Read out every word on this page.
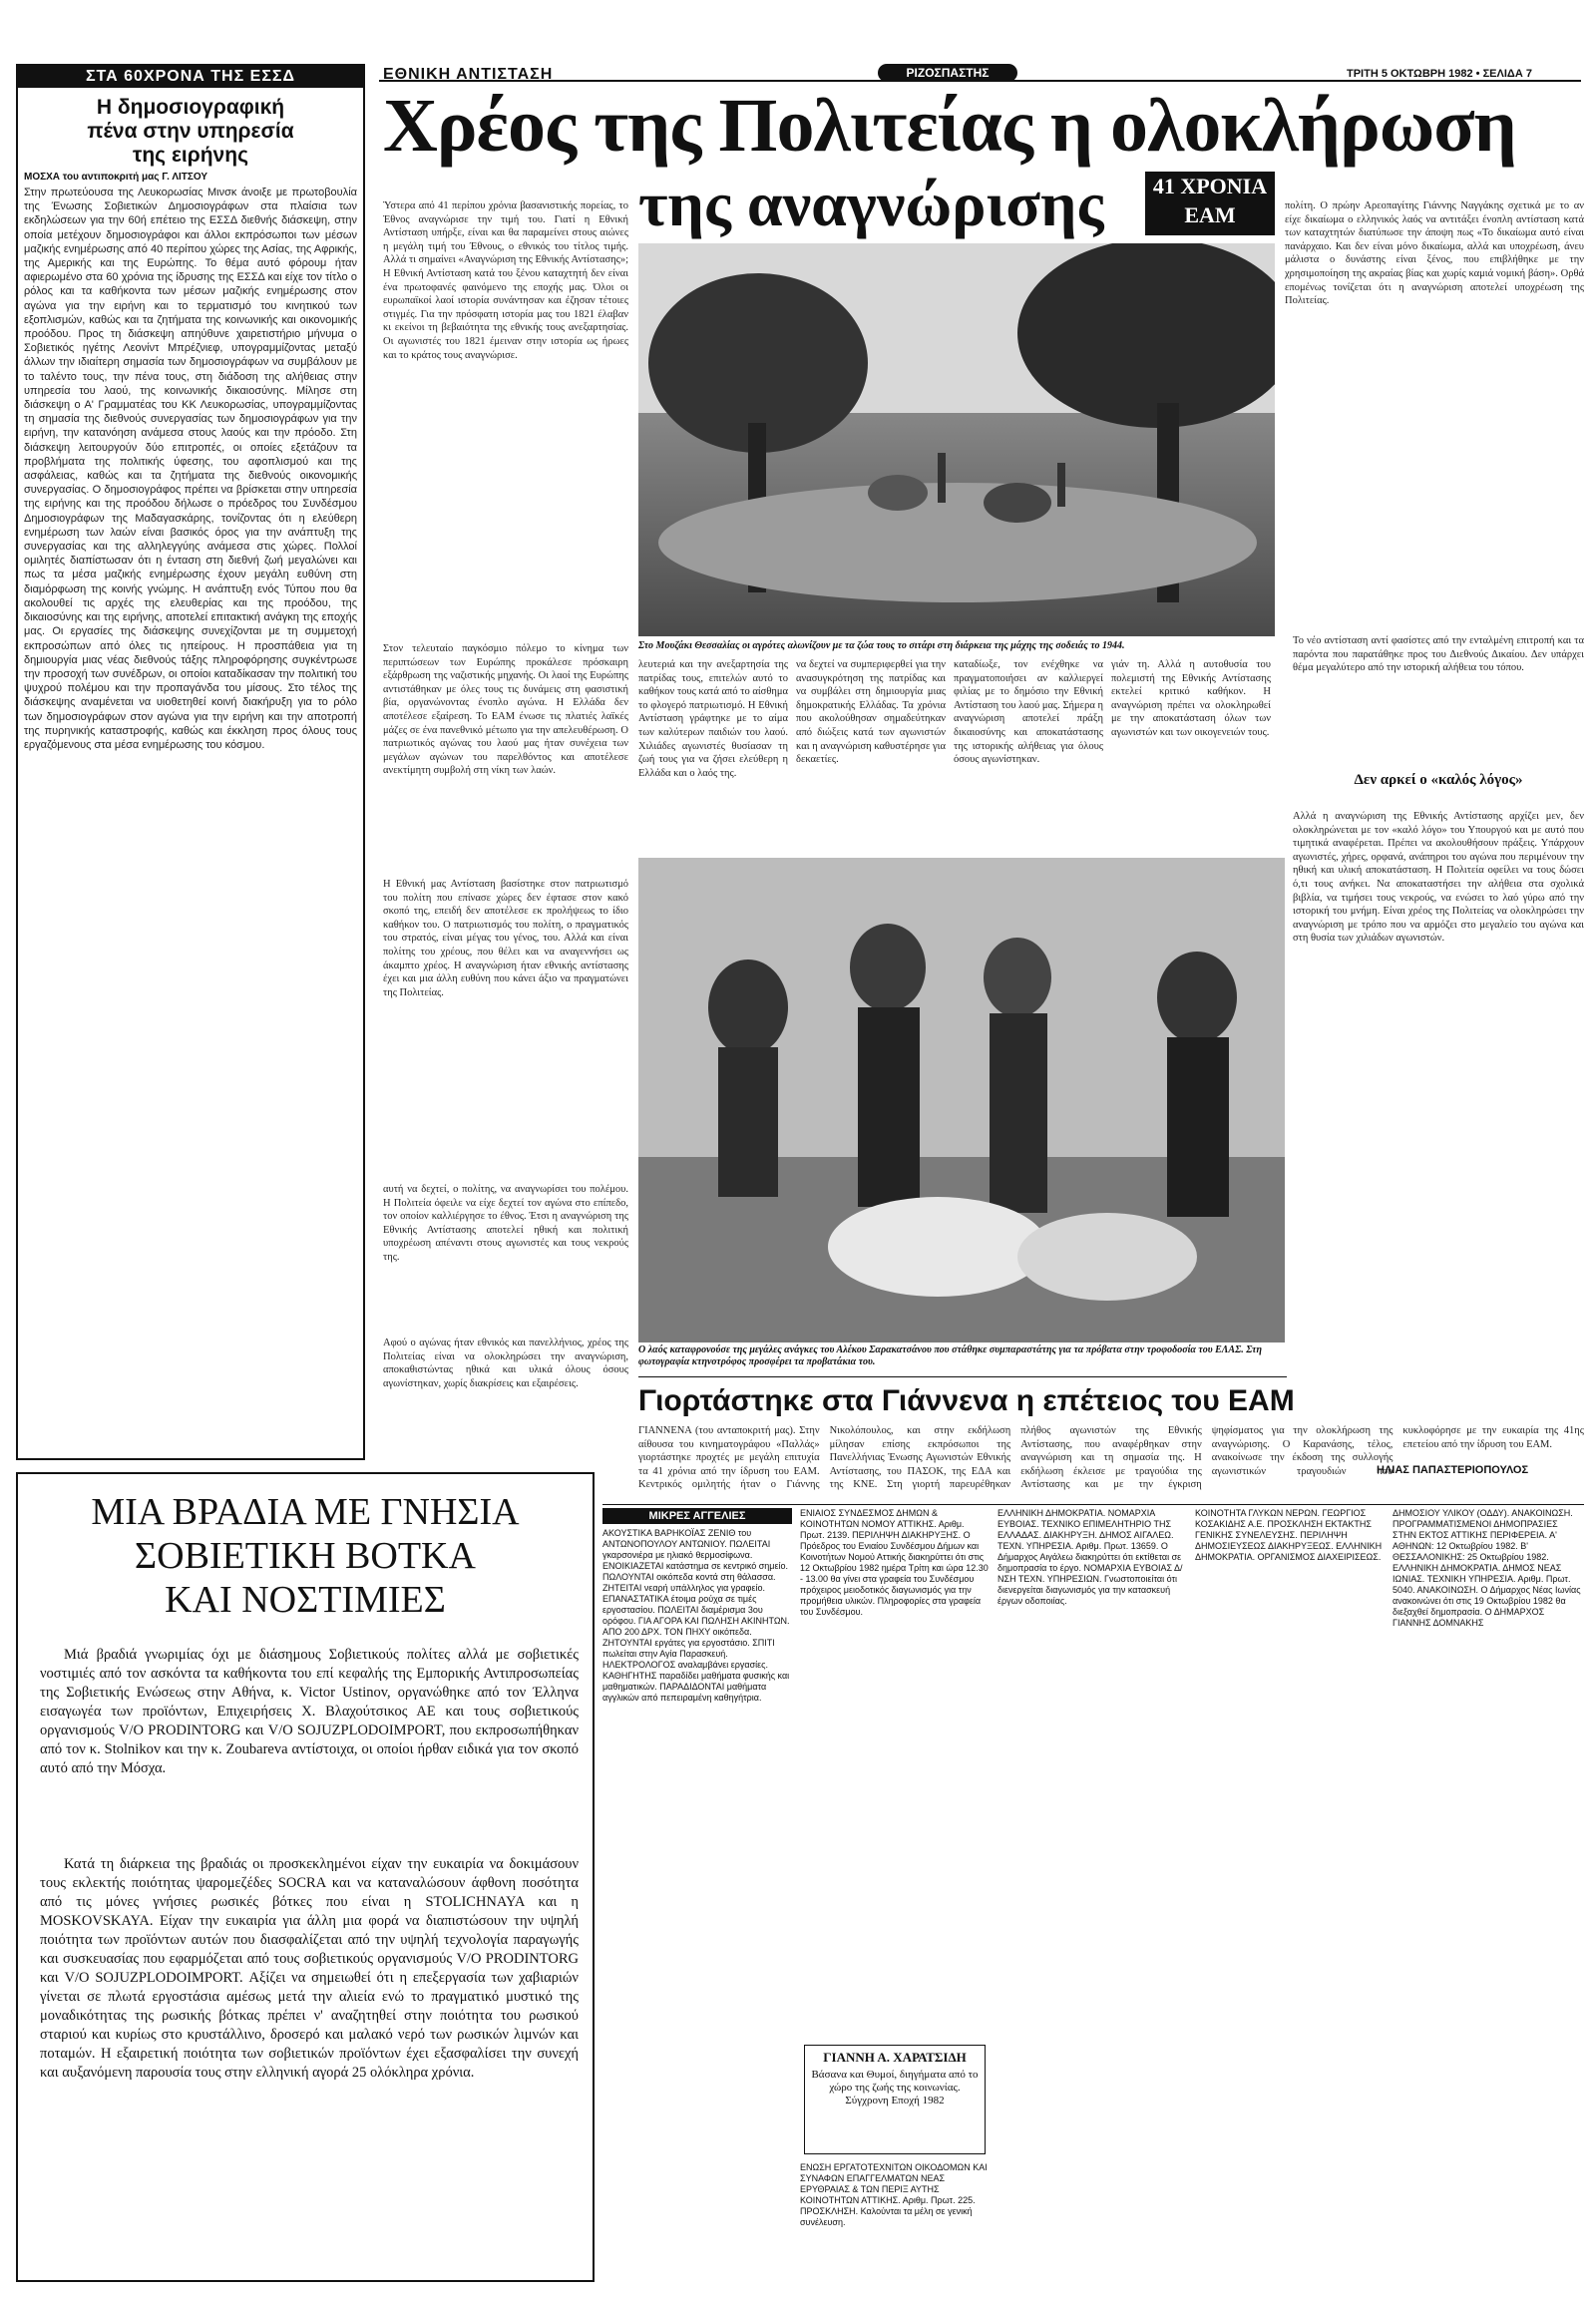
ΕΘΝΙΚΗ ΑΝΤΙΣΤΑΣΗ	ΡΙΖΟΣΠΑΣΤΗΣ	ΤΡΙΤΗ 5 ΟΚΤΩΒΡΗ 1982 • ΣΕΛΙΔΑ 7
ΣΤΑ 60ΧΡΟΝΑ ΤΗΣ ΕΣΣΔ
Η δημοσιογραφική
πένα στην υπηρεσία
της ειρήνης
ΜΟΣΧΑ του αντιποκριτή μας Γ. ΛΙΤΣΟΥ
Στην πρωτεύουσα της Λευκορωσίας Μινσκ άνοιξε με πρωτοβουλία της Ένωσης Σοβιετικών Δημοσιογράφων στα πλαίσια των εκδηλώσεων για την 60ή επέτειο της ΕΣΣΔ διεθνής διάσκεψη, στην οποία μετέχουν δημοσιογράφοι και άλλοι εκπρόσωποι των μέσων μαζικής ενημέρωσης από 40 περίπου χώρες της Ασίας, της Αφρικής, της Αμερικής και της Ευρώπης. Το θέμα αυτό φόρουμ ήταν αφιερωμένο στα 60 χρόνια της ίδρυσης της ΕΣΣΔ και είχε τον τίτλο ο ρόλος και τα καθήκοντα των μέσων μαζικής ενημέρωσης στον αγώνα για την ειρήνη και το τερματισμό του κινητικού των εξοπλισμών, καθώς και τα ζητήματα της κοινωνικής και οικονομικής προόδου. Προς τη διάσκεψη απηύθυνε χαιρετιστήριο μήνυμα ο Σοβιετικός ηγέτης Λεονίντ Μπρέζνιεφ, υπογραμμίζοντας μεταξύ άλλων την ιδιαίτερη σημασία των δημοσιογράφων να συμβάλουν με το ταλέντο τους, την πένα τους, στη διάδοση της αλήθειας στην υπηρεσία του λαού, της κοινωνικής δικαιοσύνης. Μίλησε στη διάσκεψη ο Α' Γραμματέας του ΚΚ Λευκορωσίας, υπογραμμίζοντας τη σημασία της διεθνούς συνεργασίας των δημοσιογράφων για την ειρήνη, την κατανόηση ανάμεσα στους λαούς και την πρόοδο. Στη διάσκεψη λειτουργούν δύο επιτροπές, οι οποίες εξετάζουν τα προβλήματα της πολιτικής ύφεσης, του αφοπλισμού και της ασφάλειας, καθώς και τα ζητήματα της διεθνούς οικονομικής συνεργασίας. Ο δημοσιογράφος πρέπει να βρίσκεται στην υπηρεσία της ειρήνης και της προόδου δήλωσε ο πρόεδρος του Συνδέσμου Δημοσιογράφων της Μαδαγασκάρης, τονίζοντας ότι η ελεύθερη ενημέρωση των λαών είναι βασικός όρος για την ανάπτυξη της συνεργασίας και της αλληλεγγύης ανάμεσα στις χώρες. Πολλοί ομιλητές διαπίστωσαν ότι η ένταση στη διεθνή ζωή μεγαλώνει και πως τα μέσα μαζικής ενημέρωσης έχουν μεγάλη ευθύνη στη διαμόρφωση της κοινής γνώμης. Η ανάπτυξη ενός Τύπου που θα ακολουθεί τις αρχές της ελευθερίας και της προόδου, της δικαιοσύνης και της ειρήνης, αποτελεί επιτακτική ανάγκη της εποχής μας. Οι εργασίες της διάσκεψης συνεχίζονται με τη συμμετοχή εκπροσώπων από όλες τις ηπείρους. Η προσπάθεια για τη δημιουργία μιας νέας διεθνούς τάξης πληροφόρησης συγκέντρωσε την προσοχή των συνέδρων, οι οποίοι καταδίκασαν την πολιτική του ψυχρού πολέμου και την προπαγάνδα του μίσους. Στο τέλος της διάσκεψης αναμένεται να υιοθετηθεί κοινή διακήρυξη για το ρόλο των δημοσιογράφων στον αγώνα για την ειρήνη και την αποτροπή της πυρηνικής καταστροφής, καθώς και έκκληση προς όλους τους εργαζόμενους στα μέσα ενημέρωσης του κόσμου.
Χρέος της Πολιτείας η ολοκλήρωση
της αναγνώρισης	41 ΧΡΟΝΙΑ
ΕΑΜ
Ύστερα από 41 περίπου χρόνια βασανιστικής πορείας, το Έθνος αναγνώρισε την τιμή του. Γιατί η Εθνική Αντίσταση υπήρξε, είναι και θα παραμείνει στους αιώνες η μεγάλη τιμή του Έθνους, ο εθνικός του τίτλος τιμής. Αλλά τι σημαίνει «Αναγνώριση της Εθνικής Αντίστασης»; Η Εθνική Αντίσταση κατά του ξένου καταχτητή δεν είναι ένα πρωτοφανές φαινόμενο της εποχής μας. Όλοι οι ευρωπαϊκοί λαοί ιστορία συνάντησαν και έζησαν τέτοιες στιγμές. Για την πρόσφατη ιστορία μας του 1821 έλαβαν κι εκείνοι τη βεβαιότητα της εθνικής τους ανεξαρτησίας. Οι αγωνιστές του 1821 έμειναν στην ιστορία ως ήρωες και το κράτος τους αναγνώρισε.
Στο Μουζάκι Θεσσαλίας οι αγρότες αλωνίζουν με τα ζώα τους το σιτάρι στη διάρκεια της μάχης της σοδειάς το 1944.
πολίτη. Ο πρώην Αρεοπαγίτης Γιάννης Ναγγάκης σχετικά με το αν είχε δικαίωμα ο ελληνικός λαός να αντιτάξει ένοπλη αντίσταση κατά των καταχτητών διατύπωσε την άποψη πως «Το δικαίωμα αυτό είναι πανάρχαιο. Και δεν είναι μόνο δικαίωμα, αλλά και υποχρέωση, άνευ μάλιστα ο δυνάστης είναι ξένος, που επιβλήθηκε με την χρησιμοποίηση της ακραίας βίας και χωρίς καμιά νομική βάση». Ορθά επομένως τονίζεται ότι η αναγνώριση αποτελεί υποχρέωση της Πολιτείας.
Στον τελευταίο παγκόσμιο πόλεμο το κίνημα των περιπτώσεων των Ευρώπης προκάλεσε πρόσκαιρη εξάρθρωση της ναζιστικής μηχανής. Οι λαοί της Ευρώπης αντιστάθηκαν με όλες τους τις δυνάμεις στη φασιστική βία, οργανώνοντας ένοπλο αγώνα. Η Ελλάδα δεν αποτέλεσε εξαίρεση. Το ΕΑΜ ένωσε τις πλατιές λαϊκές μάζες σε ένα πανεθνικό μέτωπο για την απελευθέρωση. Ο πατριωτικός αγώνας του λαού μας ήταν συνέχεια των μεγάλων αγώνων του παρελθόντος και αποτέλεσε ανεκτίμητη συμβολή στη νίκη των λαών.
λευτεριά και την ανεξαρτησία της πατρίδας τους, επιτελών αυτό το καθήκον τους κατά από το αίσθημα το φλογερό πατριωτισμό. Η Εθνική Αντίσταση γράφτηκε με το αίμα των καλύτερων παιδιών του λαού. Χιλιάδες αγωνιστές θυσίασαν τη ζωή τους για να ζήσει ελεύθερη η Ελλάδα και ο λαός της.
να δεχτεί να συμπεριφερθεί για την ανασυγκρότηση της πατρίδας και να συμβάλει στη δημιουργία μιας δημοκρατικής Ελλάδας. Τα χρόνια που ακολούθησαν σημαδεύτηκαν από διώξεις κατά των αγωνιστών και η αναγνώριση καθυστέρησε για δεκαετίες.
καταδίωξε, τον ενέχθηκε να πραγματοποιήσει αν καλλιεργεί φιλίας με το δημόσιο την Εθνική Αντίσταση του λαού μας. Σήμερα η αναγνώριση αποτελεί πράξη δικαιοσύνης και αποκατάστασης της ιστορικής αλήθειας για όλους όσους αγωνίστηκαν.
γιάν τη. Αλλά η αυτοθυσία του πολεμιστή της Εθνικής Αντίστασης εκτελεί κριτικό καθήκον. Η αναγνώριση πρέπει να ολοκληρωθεί με την αποκατάσταση όλων των αγωνιστών και των οικογενειών τους.
Ο λαός καταφρονούσε της μεγάλες ανάγκες του Αλέκου Σαρακατσάνου που στάθηκε συμπαραστάτης για τα πρόβατα στην τροφοδοσία του ΕΛΑΣ. Στη φωτογραφία κτηνοτρόφος προσφέρει τα προβατάκια του.
Η Εθνική μας Αντίσταση βασίστηκε στον πατριωτισμό του πολίτη που επίνασε χώρες δεν έφτασε στον κακό σκοπό της, επειδή δεν αποτέλεσε εκ προλήψεως το ίδιο καθήκον του. Ο πατριωτισμός του πολίτη, ο πραγματικός του στρατός, είναι μέγας του γένος, του. Αλλά και είναι πολίτης του χρέους, που θέλει και να αναγεννήσει ως άκαμπτο χρέος. Η αναγνώριση ήταν εθνικής αντίστασης έχει και μια άλλη ευθύνη που κάνει άξιο να πραγματώνει της Πολιτείας.
αυτή να δεχτεί, ο πολίτης, να αναγνωρίσει του πολέμου. Η Πολιτεία όφειλε να είχε δεχτεί τον αγώνα στο επίπεδο, τον οποίον καλλιέργησε το έθνος. Έτσι η αναγνώριση της Εθνικής Αντίστασης αποτελεί ηθική και πολιτική υποχρέωση απέναντι στους αγωνιστές και τους νεκρούς της.
Αφού ο αγώνας ήταν εθνικός και πανελλήνιος, χρέος της Πολιτείας είναι να ολοκληρώσει την αναγνώριση, αποκαθιστώντας ηθικά και υλικά όλους όσους αγωνίστηκαν, χωρίς διακρίσεις και εξαιρέσεις.
Το νέο αντίσταση αντί φασίστες από την ενταλμένη επιτροπή και τα παρόντα που παρατάθηκε προς του Διεθνούς Δικαίου. Δεν υπάρχει θέμα μεγαλύτερο από την ιστορική αλήθεια του τόπου.
Δεν αρκεί ο «καλός λόγος»
Αλλά η αναγνώριση της Εθνικής Αντίστασης αρχίζει μεν, δεν ολοκληρώνεται με τον «καλό λόγο» του Υπουργού και με αυτό που τιμητικά αναφέρεται. Πρέπει να ακολουθήσουν πράξεις. Υπάρχουν αγωνιστές, χήρες, ορφανά, ανάπηροι του αγώνα που περιμένουν την ηθική και υλική αποκατάσταση. Η Πολιτεία οφείλει να τους δώσει ό,τι τους ανήκει. Να αποκαταστήσει την αλήθεια στα σχολικά βιβλία, να τιμήσει τους νεκρούς, να ενώσει το λαό γύρω από την ιστορική του μνήμη. Είναι χρέος της Πολιτείας να ολοκληρώσει την αναγνώριση με τρόπο που να αρμόζει στο μεγαλείο του αγώνα και στη θυσία των χιλιάδων αγωνιστών.
ΗΛΙΑΣ ΠΑΠΑΣΤΕΡΙΟΠΟΥΛΟΣ
Γιορτάστηκε στα Γιάννενα η επέτειος του ΕΑΜ
ΓΙΑΝΝΕΝΑ (του ανταποκριτή μας). Στην αίθουσα του κινηματογράφου «Παλλάς» γιορτάστηκε προχτές με μεγάλη επιτυχία τα 41 χρόνια από την ίδρυση του ΕΑΜ. Κεντρικός ομιλητής ήταν ο Γιάννης Νικολόπουλος, και στην εκδήλωση μίλησαν επίσης εκπρόσωποι της Πανελλήνιας Ένωσης Αγωνιστών Εθνικής Αντίστασης, του ΠΑΣΟΚ, της ΕΔΑ και της ΚΝΕ. Στη γιορτή παρευρέθηκαν πλήθος αγωνιστών της Εθνικής Αντίστασης, που αναφέρθηκαν στην αναγνώριση και τη σημασία της. Η εκδήλωση έκλεισε με τραγούδια της Αντίστασης και με την έγκριση ψηφίσματος για την ολοκλήρωση της αναγνώρισης. Ο Καρανάσης, τέλος, ανακοίνωσε την έκδοση της συλλογής αγωνιστικών τραγουδιών που κυκλοφόρησε με την ευκαιρία της 41ης επετείου από την ίδρυση του ΕΑΜ.
ΜΙΑ ΒΡΑΔΙΑ ΜΕ ΓΝΗΣΙΑ
ΣΟΒΙΕΤΙΚΗ ΒΟΤΚΑ
ΚΑΙ ΝΟΣΤΙΜΙΕΣ
Μιά βραδιά γνωριμίας όχι με διάσημους Σοβιετικούς πολίτες αλλά με σοβιετικές νοστιμιές από τον ασκόντα τα καθήκοντα του επί κεφαλής της Εμπορικής Αντιπροσωπείας της Σοβιετικής Ενώσεως στην Αθήνα, κ. Victor Ustinov, οργανώθηκε από τον Έλληνα εισαγωγέα των προϊόντων, Επιχειρήσεις Χ. Βλαχούτσικος ΑΕ και τους σοβιετικούς οργανισμούς V/O PRODINTORG και V/O SOJUZPLODOIMPORT, που εκπροσωπήθηκαν από τον κ. Stolnikov και την κ. Zoubareva αντίστοιχα, οι οποίοι ήρθαν ειδικά για τον σκοπό αυτό από την Μόσχα.
Κατά τη διάρκεια της βραδιάς οι προσκεκλημένοι είχαν την ευκαιρία να δοκιμάσουν τους εκλεκτής ποιότητας ψαρομεζέδες SOCRA και να καταναλώσουν άφθονη ποσότητα από τις μόνες γνήσιες ρωσικές βότκες που είναι η STOLICHNAYA και η MOSKOVSKAYA. Είχαν την ευκαιρία για άλλη μια φορά να διαπιστώσουν την υψηλή ποιότητα των προϊόντων αυτών που διασφαλίζεται από την υψηλή τεχνολογία παραγωγής και συσκευασίας που εφαρμόζεται από τους σοβιετικούς οργανισμούς V/O PRODINTORG και V/O SOJUZPLODOIMPORT. Αξίζει να σημειωθεί ότι η επεξεργασία των χαβιαριών γίνεται σε πλωτά εργοστάσια αμέσως μετά την αλιεία ενώ το πραγματικό μυστικό της μοναδικότητας της ρωσικής βότκας πρέπει ν' αναζητηθεί στην ποιότητα του ρωσικού σταριού και κυρίως στο κρυστάλλινο, δροσερό και μαλακό νερό των ρωσικών λιμνών και ποταμών. Η εξαιρετική ποιότητα των σοβιετικών προϊόντων έχει εξασφαλίσει την συνεχή και αυξανόμενη παρουσία τους στην ελληνική αγορά 25 ολόκληρα χρόνια.
ΜΙΚΡΕΣ ΑΓΓΕΛΙΕΣ
ΑΚΟΥΣΤΙΚΑ ΒΑΡΗΚΟΪΑΣ ΖΕΝΙΘ του ΑΝΤΩΝΟΠΟΥΛΟΥ ΑΝΤΩΝΙΟΥ. ΠΩΛΕΙΤΑΙ γκαρσονιέρα με ηλιακό θερμοσίφωνα. ΕΝΟΙΚΙΑΖΕΤΑΙ κατάστημα σε κεντρικό σημείο. ΠΩΛΟΥΝΤΑΙ οικόπεδα κοντά στη θάλασσα. ΖΗΤΕΙΤΑΙ νεαρή υπάλληλος για γραφείο. ΕΠΑΝΑΣΤΑΤΙΚΑ έτοιμα ρούχα σε τιμές εργοστασίου. ΠΩΛΕΙΤΑΙ διαμέρισμα 3ου ορόφου. ΓΙΑ ΑΓΟΡΑ ΚΑΙ ΠΩΛΗΣΗ ΑΚΙΝΗΤΩΝ. ΑΠΟ 200 ΔΡΧ. ΤΟΝ ΠΗΧΥ οικόπεδα. ΖΗΤΟΥΝΤΑΙ εργάτες για εργοστάσιο. ΣΠΙΤΙ πωλείται στην Αγία Παρασκευή. ΗΛΕΚΤΡΟΛΟΓΟΣ αναλαμβάνει εργασίες. ΚΑΘΗΓΗΤΗΣ παραδίδει μαθήματα φυσικής και μαθηματικών. ΠΑΡΑΔΙΔΟΝΤΑΙ μαθήματα αγγλικών από πεπειραμένη καθηγήτρια.
ΕΝΙΑΙΟΣ ΣΥΝΔΕΣΜΟΣ ΔΗΜΩΝ & ΚΟΙΝΟΤΗΤΩΝ ΝΟΜΟΥ ΑΤΤΙΚΗΣ. Αριθμ. Πρωτ. 2139. ΠΕΡΙΛΗΨΗ ΔΙΑΚΗΡΥΞΗΣ. Ο Πρόεδρος του Ενιαίου Συνδέσμου Δήμων και Κοινοτήτων Νομού Αττικής διακηρύττει ότι στις 12 Οκτωβρίου 1982 ημέρα Τρίτη και ώρα 12.30 - 13.00 θα γίνει στα γραφεία του Συνδέσμου πρόχειρος μειοδοτικός διαγωνισμός για την προμήθεια υλικών. Πληροφορίες στα γραφεία του Συνδέσμου.
ΓΙΑΝΝΗ Α. ΧΑΡΑΤΣΙΔΗ
Βάσανα και Θυμοί, διηγήματα από το χώρο της ζωής της κοινωνίας. Σύγχρονη Εποχή 1982
ΕΝΩΣΗ ΕΡΓΑΤΟΤΕΧΝΙΤΩΝ ΟΙΚΟΔΟΜΩΝ ΚΑΙ ΣΥΝΑΦΩΝ ΕΠΑΓΓΕΛΜΑΤΩΝ ΝΕΑΣ ΕΡΥΘΡΑΙΑΣ & ΤΩΝ ΠΕΡΙΞ ΑΥΤΗΣ ΚΟΙΝΟΤΗΤΩΝ ΑΤΤΙΚΗΣ. Αριθμ. Πρωτ. 225. ΠΡΟΣΚΛΗΣΗ. Καλούνται τα μέλη σε γενική συνέλευση.
ΕΛΛΗΝΙΚΗ ΔΗΜΟΚΡΑΤΙΑ. ΝΟΜΑΡΧΙΑ ΕΥΒΟΙΑΣ. ΤΕΧΝΙΚΟ ΕΠΙΜΕΛΗΤΗΡΙΟ ΤΗΣ ΕΛΛΑΔΑΣ. ΔΙΑΚΗΡΥΞΗ. ΔΗΜΟΣ ΑΙΓΑΛΕΩ. ΤΕΧΝ. ΥΠΗΡΕΣΙΑ. Αριθμ. Πρωτ. 13659. Ο Δήμαρχος Αιγάλεω διακηρύττει ότι εκτίθεται σε δημοπρασία το έργο. ΝΟΜΑΡΧΙΑ ΕΥΒΟΙΑΣ Δ/ΝΣΗ ΤΕΧΝ. ΥΠΗΡΕΣΙΩΝ. Γνωστοποιείται ότι διενεργείται διαγωνισμός για την κατασκευή έργων οδοποιίας.
ΚΟΙΝΟΤΗΤΑ ΓΛΥΚΩΝ ΝΕΡΩΝ. ΓΕΩΡΓΙΟΣ ΚΟΣΑΚΙΔΗΣ Α.Ε. ΠΡΟΣΚΛΗΣΗ ΕΚΤΑΚΤΗΣ ΓΕΝΙΚΗΣ ΣΥΝΕΛΕΥΣΗΣ. ΠΕΡΙΛΗΨΗ ΔΗΜΟΣΙΕΥΣΕΩΣ ΔΙΑΚΗΡΥΞΕΩΣ. ΕΛΛΗΝΙΚΗ ΔΗΜΟΚΡΑΤΙΑ. ΟΡΓΑΝΙΣΜΟΣ ΔΙΑΧΕΙΡΙΣΕΩΣ.
ΔΗΜΟΣΙΟΥ ΥΛΙΚΟΥ (ΟΔΔΥ). ΑΝΑΚΟΙΝΩΣΗ. ΠΡΟΓΡΑΜΜΑΤΙΣΜΕΝΟΙ ΔΗΜΟΠΡΑΣΙΕΣ ΣΤΗΝ ΕΚΤΟΣ ΑΤΤΙΚΗΣ ΠΕΡΙΦΕΡΕΙΑ. Α' ΑΘΗΝΩΝ: 12 Οκτωβρίου 1982. Β' ΘΕΣΣΑΛΟΝΙΚΗΣ: 25 Οκτωβρίου 1982. ΕΛΛΗΝΙΚΗ ΔΗΜΟΚΡΑΤΙΑ. ΔΗΜΟΣ ΝΕΑΣ ΙΩΝΙΑΣ. ΤΕΧΝΙΚΗ ΥΠΗΡΕΣΙΑ. Αριθμ. Πρωτ. 5040. ΑΝΑΚΟΙΝΩΣΗ. Ο Δήμαρχος Νέας Ιωνίας ανακοινώνει ότι στις 19 Οκτωβρίου 1982 θα διεξαχθεί δημοπρασία. Ο ΔΗΜΑΡΧΟΣ ΓΙΑΝΝΗΣ ΔΟΜΝΑΚΗΣ
